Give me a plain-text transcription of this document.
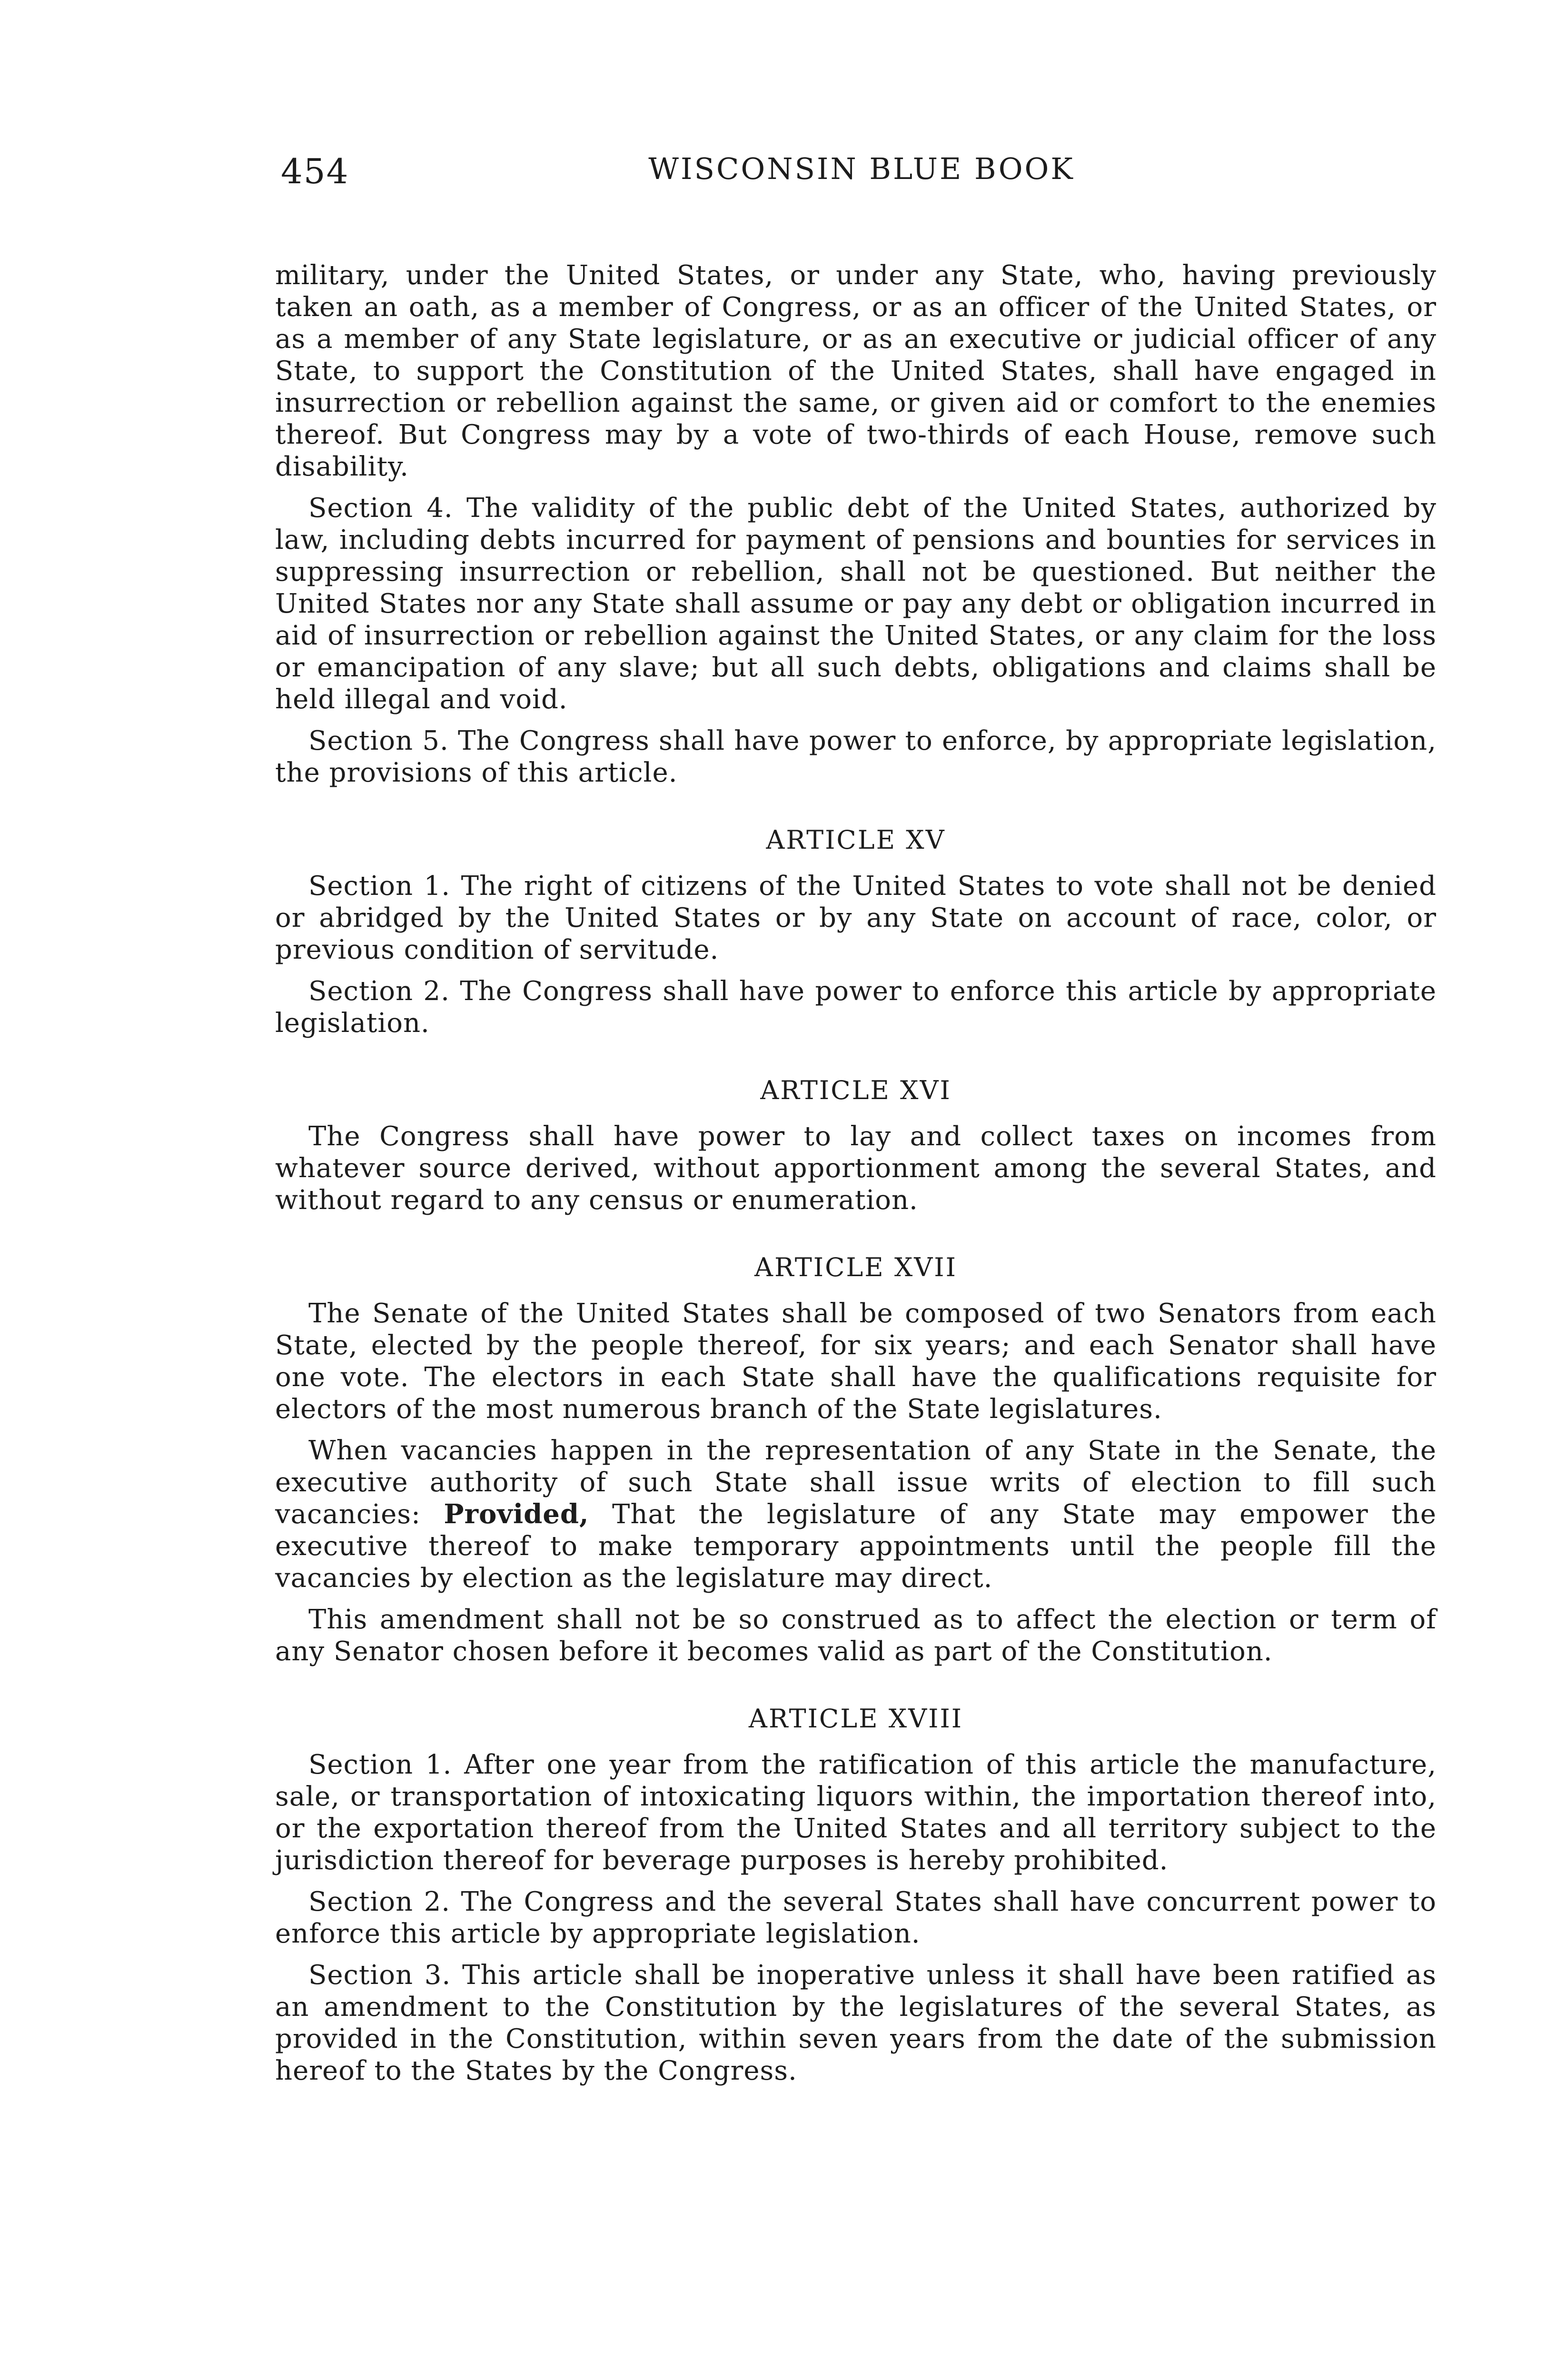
454	WISCONSIN BLUE BOOK

military, under the United States, or under any State, who, having previously taken an oath, as a member of Congress, or as an officer of the United States, or as a member of any State legislature, or as an executive or judicial officer of any State, to support the Constitution of the United States, shall have engaged in insurrection or rebellion against the same, or given aid or comfort to the enemies thereof. But Congress may by a vote of two-thirds of each House, remove such disability.

Section 4. The validity of the public debt of the United States, authorized by law, including debts incurred for payment of pensions and bounties for services in suppressing insurrection or rebellion, shall not be questioned. But neither the United States nor any State shall assume or pay any debt or obligation incurred in aid of insurrection or rebellion against the United States, or any claim for the loss or emancipation of any slave; but all such debts, obligations and claims shall be held illegal and void.

Section 5. The Congress shall have power to enforce, by appropriate legislation, the provisions of this article.

ARTICLE XV

Section 1. The right of citizens of the United States to vote shall not be denied or abridged by the United States or by any State on account of race, color, or previous condition of servitude.

Section 2. The Congress shall have power to enforce this article by appropriate legislation.

ARTICLE XVI

The Congress shall have power to lay and collect taxes on incomes from whatever source derived, without apportionment among the several States, and without regard to any census or enumeration.

ARTICLE XVII

The Senate of the United States shall be composed of two Senators from each State, elected by the people thereof, for six years; and each Senator shall have one vote. The electors in each State shall have the qualifications requisite for electors of the most numerous branch of the State legislatures.

When vacancies happen in the representation of any State in the Senate, the executive authority of such State shall issue writs of election to fill such vacancies: Provided, That the legislature of any State may empower the executive thereof to make temporary appointments until the people fill the vacancies by election as the legislature may direct.

This amendment shall not be so construed as to affect the election or term of any Senator chosen before it becomes valid as part of the Constitution.

ARTICLE XVIII

Section 1. After one year from the ratification of this article the manufacture, sale, or transportation of intoxicating liquors within, the importation thereof into, or the exportation thereof from the United States and all territory subject to the jurisdiction thereof for beverage purposes is hereby prohibited.

Section 2. The Congress and the several States shall have concurrent power to enforce this article by appropriate legislation.

Section 3. This article shall be inoperative unless it shall have been ratified as an amendment to the Constitution by the legislatures of the several States, as provided in the Constitution, within seven years from the date of the submission hereof to the States by the Congress.
